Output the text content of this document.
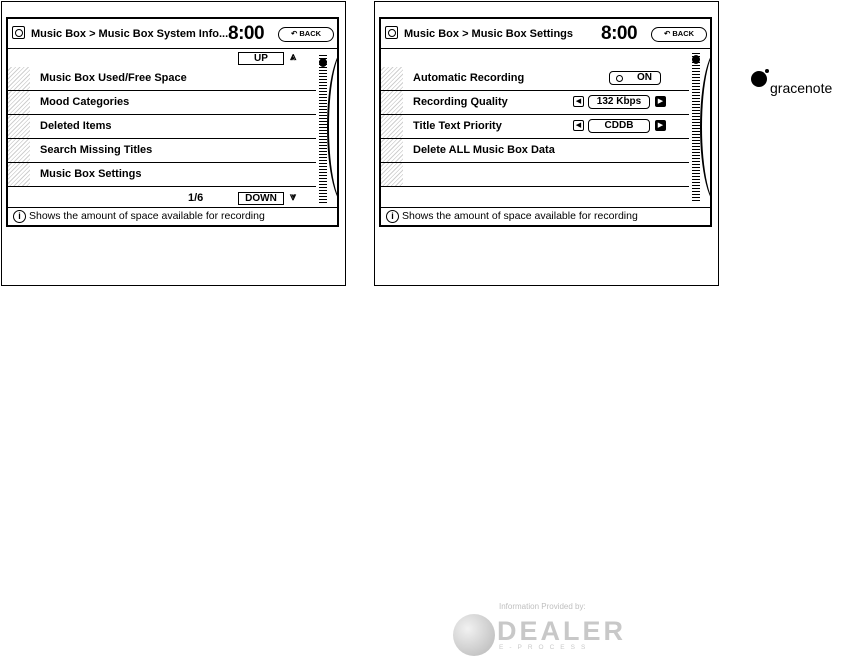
Music Box > Music Box System Info... 8:00	↶ BACK
UP	⩓
Music Box Used/Free Space
Mood Categories
Deleted Items
Search Missing Titles
Music Box Settings
1/6	DOWN	⩔
i Shows the amount of space available for recording
Music Box > Music Box Settings 8:00	↶ BACK
Automatic Recording	ON
Recording Quality	◀	132 Kbps	▶
Title Text Priority	◀	CDDB	▶
Delete ALL Music Box Data
i Shows the amount of space available for recording
gracenote
Information Provided by:
DEALER
E-PROCESS
